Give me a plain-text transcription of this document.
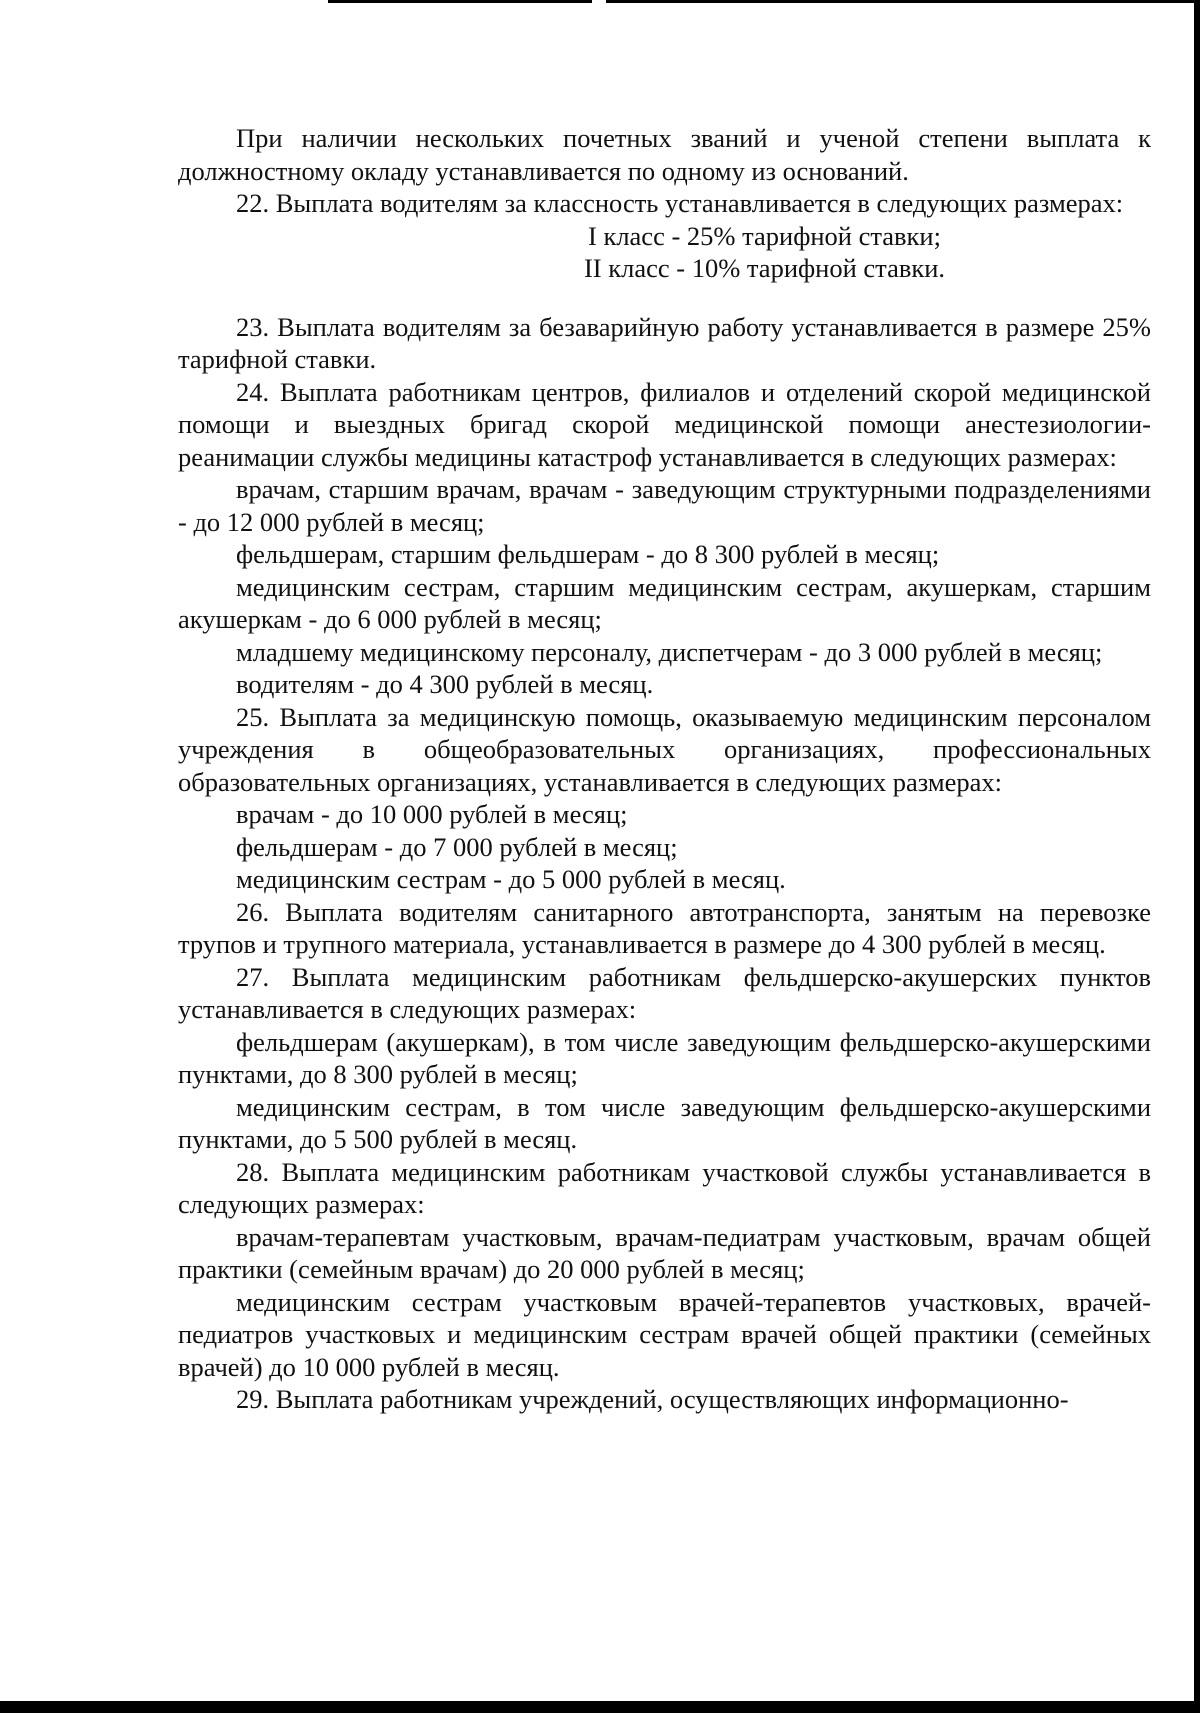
При наличии нескольких почетных званий и ученой степени выплата к должностному окладу устанавливается по одному из оснований.

22. Выплата водителям за классность устанавливается в следующих размерах:

I класс - 25% тарифной ставки;

II класс - 10% тарифной ставки.

23. Выплата водителям за безаварийную работу устанавливается в размере 25% тарифной ставки.

24. Выплата работникам центров, филиалов и отделений скорой медицинской помощи и выездных бригад скорой медицинской помощи анестезиологии-реанимации службы медицины катастроф устанавливается в следующих размерах:

врачам, старшим врачам, врачам - заведующим структурными подразделениями - до 12 000 рублей в месяц;

фельдшерам, старшим фельдшерам - до 8 300 рублей в месяц;

медицинским сестрам, старшим медицинским сестрам, акушеркам, старшим акушеркам - до 6 000 рублей в месяц;

младшему медицинскому персоналу, диспетчерам - до 3 000 рублей в месяц;

водителям - до 4 300 рублей в месяц.

25. Выплата за медицинскую помощь, оказываемую медицинским персоналом учреждения в общеобразовательных организациях, профессиональных образовательных организациях, устанавливается в следующих размерах:

врачам - до 10 000 рублей в месяц;

фельдшерам - до 7 000 рублей в месяц;

медицинским сестрам - до 5 000 рублей в месяц.

26. Выплата водителям санитарного автотранспорта, занятым на перевозке трупов и трупного материала, устанавливается в размере до 4 300 рублей в месяц.

27. Выплата медицинским работникам фельдшерско-акушерских пунктов устанавливается в следующих размерах:

фельдшерам (акушеркам), в том числе заведующим фельдшерско-акушерскими пунктами, до 8 300 рублей в месяц;

медицинским сестрам, в том числе заведующим фельдшерско-акушерскими пунктами, до 5 500 рублей в месяц.

28. Выплата медицинским работникам участковой службы устанавливается в следующих размерах:

врачам-терапевтам участковым, врачам-педиатрам участковым, врачам общей практики (семейным врачам) до 20 000 рублей в месяц;

медицинским сестрам участковым врачей-терапевтов участковых, врачей-педиатров участковых и медицинским сестрам врачей общей практики (семейных врачей) до 10 000 рублей в месяц.

29. Выплата работникам учреждений, осуществляющих информационно-
